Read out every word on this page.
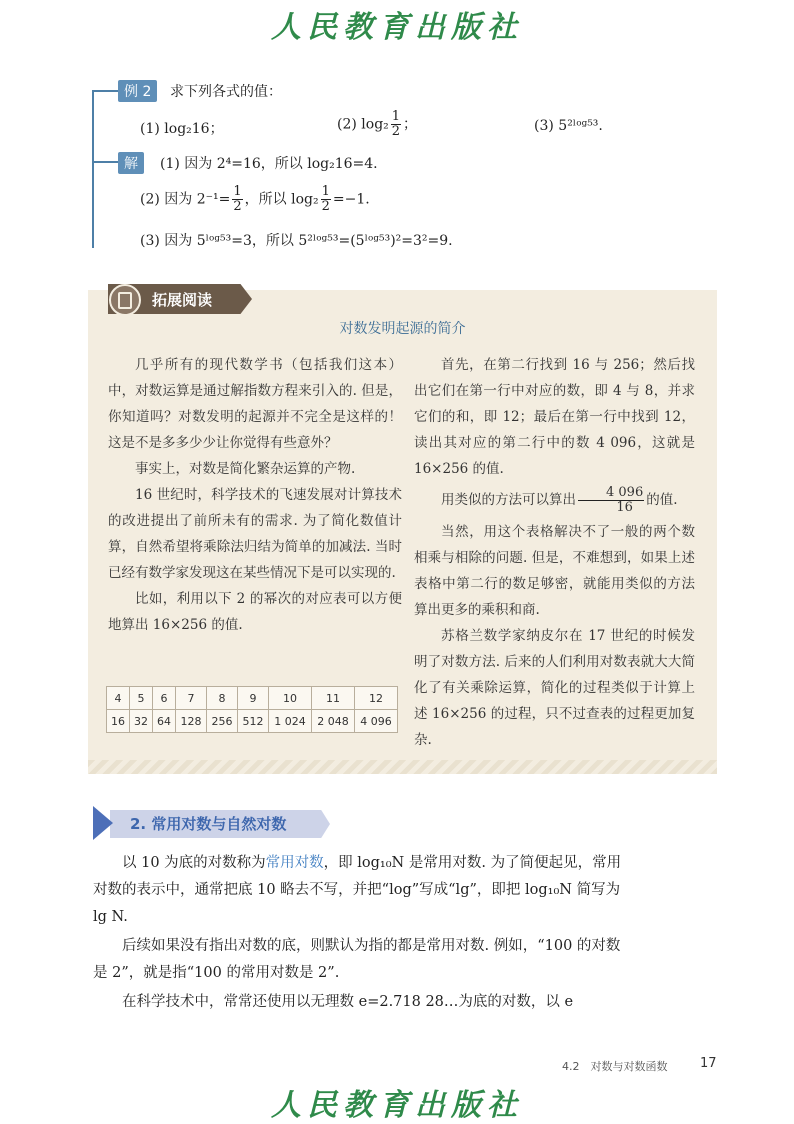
人民教育出版社
例 2	求下列各式的值：
(1) log₂16；	(2) $\log_2 \frac{1}{2}$ ；	(3) 5²ˡᵒᵍ⁵³.
解	(1) 因为 2⁴=16，所以 log₂16=4.
(2) 因为 $2^{-1}= \frac{1}{2}$ ，所以 $\log_2 \frac{1}{2} =-1$.
(3) 因为 5ˡᵒᵍ⁵³=3，所以 5²ˡᵒᵍ⁵³=(5ˡᵒᵍ⁵³)²=3²=9.
拓展阅读
对数发明起源的简介

几乎所有的现代数学书（包括我们这本）中，对数运算是通过解指数方程来引入的. 但是，你知道吗？对数发明的起源并不完全是这样的！这是不是多多少少让你觉得有些意外？

事实上，对数是简化繁杂运算的产物.

16 世纪时，科学技术的飞速发展对计算技术的改进提出了前所未有的需求. 为了简化数值计算，自然希望将乘除法归结为简单的加减法. 当时已经有数学家发现这在某些情况下是可以实现的.

比如，利用以下 2 的幂次的对应表可以方便地算出 16×256 的值.

4	5	6	7	8	9	10	11	12
16	32	64	128	256	512	1 024	2 048	4 096

首先，在第二行找到 16 与 256；然后找出它们在第一行中对应的数，即 4 与 8，并求它们的和，即 12；最后在第一行中找到 12，读出其对应的第二行中的数 4 096，这就是 16×256 的值.

用类似的方法可以算出 $\frac{4 096}{16}$ 的值.

当然，用这个表格解决不了一般的两个数相乘与相除的问题. 但是，不难想到，如果上述表格中第二行的数足够密，就能用类似的方法算出更多的乘积和商.

苏格兰数学家纳皮尔在 17 世纪的时候发明了对数方法. 后来的人们利用对数表就大大简化了有关乘除运算，简化的过程类似于计算上述 16×256 的过程，只不过查表的过程更加复杂.

2. 常用对数与自然对数
以 10 为底的对数称为常用对数，即 log₁₀N 是常用对数. 为了简便起见，常用对数的表示中，通常把底 10 略去不写，并把“log”写成“lg”，即把 log₁₀N 简写为 lg N.
后续如果没有指出对数的底，则默认为指的都是常用对数. 例如，“100 的对数是 2”，就是指“100 的常用对数是 2”.
在科学技术中，常常还使用以无理数 e=2.718 28…为底的对数，以 e
4.2　对数与对数函数	17
人民教育出版社
